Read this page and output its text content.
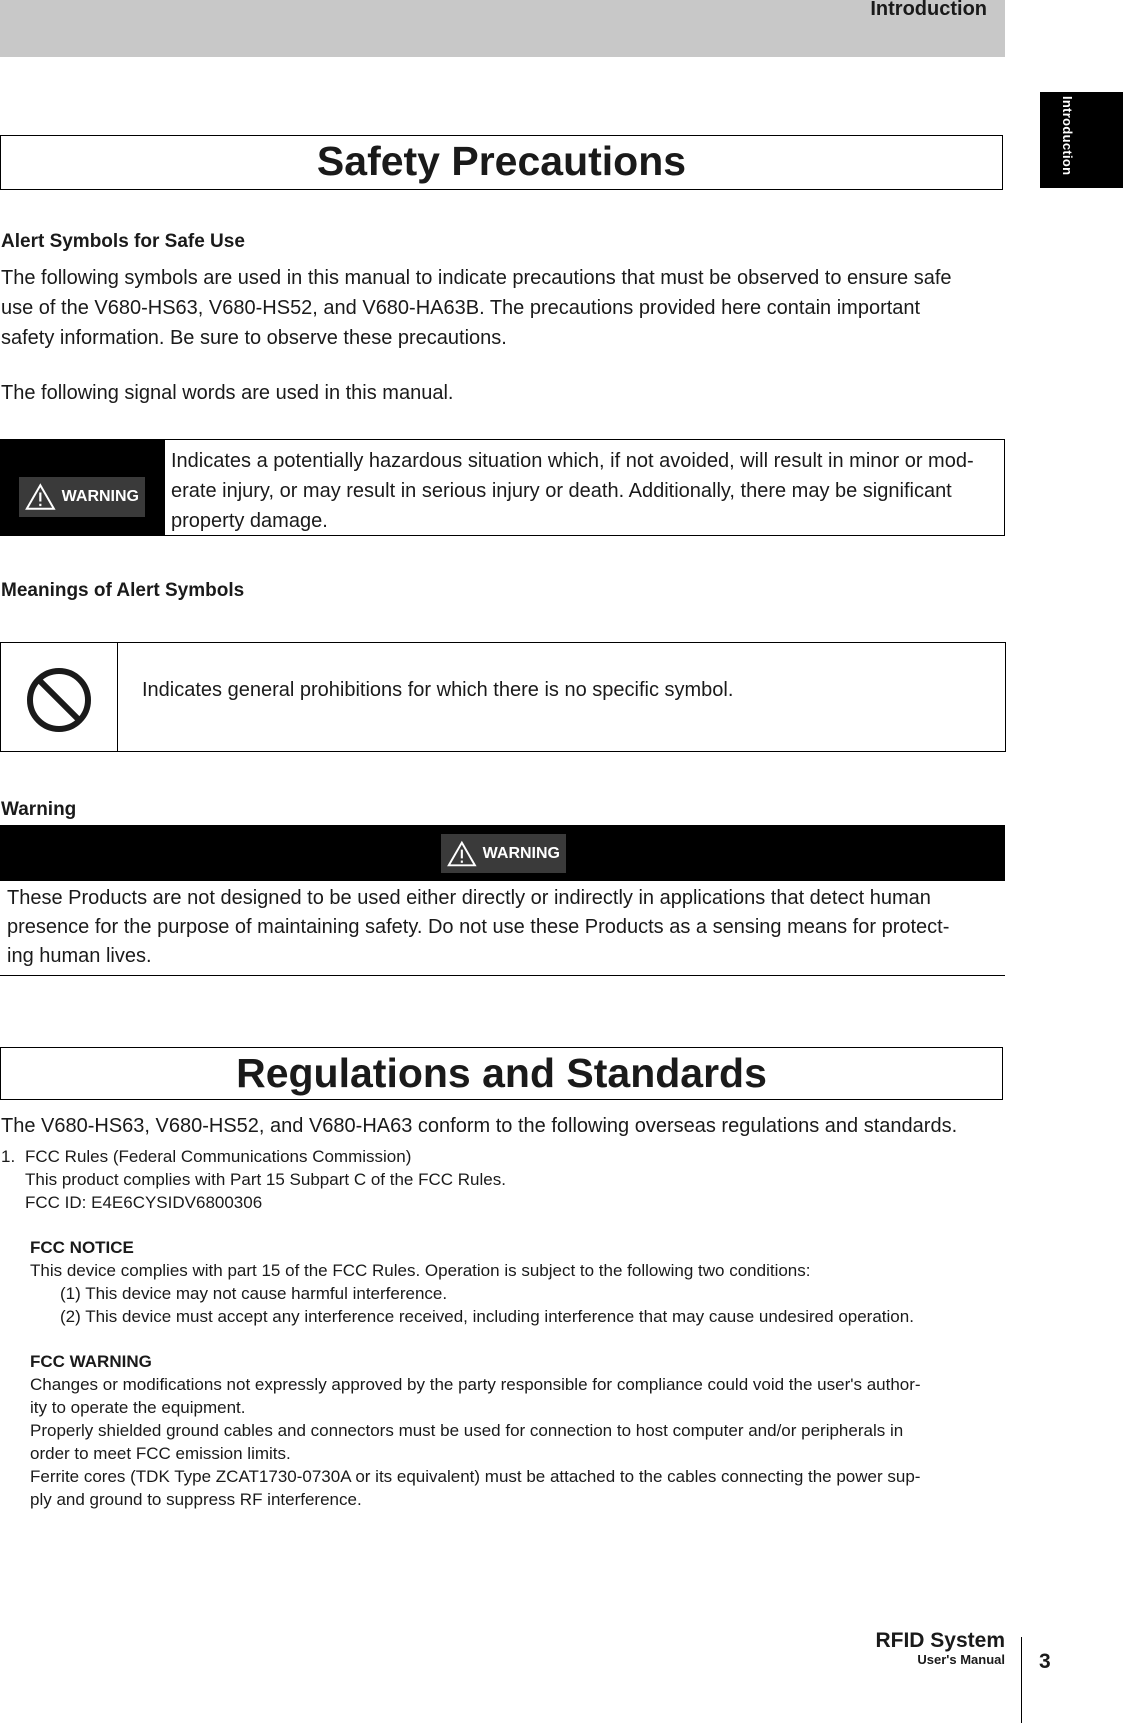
Introduction
Introduction
Safety Precautions
Alert Symbols for Safe Use
The following symbols are used in this manual to indicate precautions that must be observed to ensure safe
use of the V680-HS63, V680-HS52, and V680-HA63B. The precautions provided here contain important
safety information. Be sure to observe these precautions.
The following signal words are used in this manual.
WARNING
Indicates a potentially hazardous situation which, if not avoided, will result in minor or mod-
erate injury, or may result in serious injury or death. Additionally, there may be significant
property damage.
Meanings of Alert Symbols
Indicates general prohibitions for which there is no specific symbol.
Warning
WARNING
These Products are not designed to be used either directly or indirectly in applications that detect human
presence for the purpose of maintaining safety. Do not use these Products as a sensing means for protect-
ing human lives.
Regulations and Standards
The V680-HS63, V680-HS52, and V680-HA63 conform to the following overseas regulations and standards.
1. FCC Rules (Federal Communications Commission)
This product complies with Part 15 Subpart C of the FCC Rules.
FCC ID: E4E6CYSIDV6800306
FCC NOTICE
This device complies with part 15 of the FCC Rules. Operation is subject to the following two conditions:
(1) This device may not cause harmful interference.
(2) This device must accept any interference received, including interference that may cause undesired operation.
FCC WARNING
Changes or modifications not expressly approved by the party responsible for compliance could void the user's author-
ity to operate the equipment.
Properly shielded ground cables and connectors must be used for connection to host computer and/or peripherals in
order to meet FCC emission limits.
Ferrite cores (TDK Type ZCAT1730-0730A or its equivalent) must be attached to the cables connecting the power sup-
ply and ground to suppress RF interference.
RFID System
User's Manual 3
